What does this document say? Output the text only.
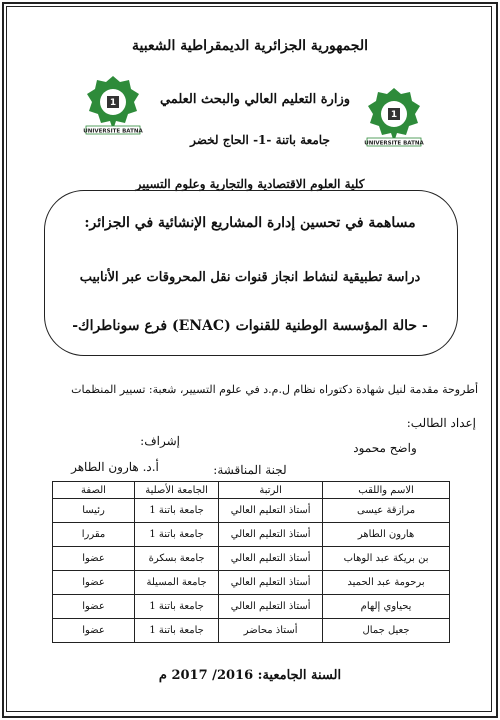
الجمهورية الجزائرية الديمقراطية الشعبية
1
UNIVERSITE BATNA
1
UNIVERSITE BATNA
وزارة التعليم العالي والبحث العلمي
جامعة باتنة -1- الحاج لخضر
كلية العلوم الاقتصادية والتجارية وعلوم التسيير
مساهمة في تحسين إدارة المشاريع الإنشائية في الجزائر:
دراسة تطبيقية لنشاط انجاز قنوات نقل المحروقات عبر الأنابيب
- حالة المؤسسة الوطنية للقنوات (ENAC) فرع سوناطراك-
أطروحة مقدمة لنيل شهادة دكتوراه نظام ل.م.د في علوم التسيير، شعبة: تسيير المنظمات
إعداد الطالب:
إشراف:	واضح محمود
أ.د. هارون الطاهر	لجنة المناقشة:
الاسم واللقب	الرتبة	الجامعة الأصلية	الصفة
مرازقة عيسى	أستاذ التعليم العالي	جامعة باتنة 1	رئيسا
هارون الطاهر	أستاذ التعليم العالي	جامعة باتنة 1	مقررا
بن بريكة عبد الوهاب	أستاذ التعليم العالي	جامعة بسكرة	عضوا
برحومة عبد الحميد	أستاذ التعليم العالي	جامعة المسيلة	عضوا
يحياوي إلهام	أستاذ التعليم العالي	جامعة باتنة 1	عضوا
جعيل جمال	أستاذ محاضر	جامعة باتنة 1	عضوا
السنة الجامعية: 2016/ 2017 م
